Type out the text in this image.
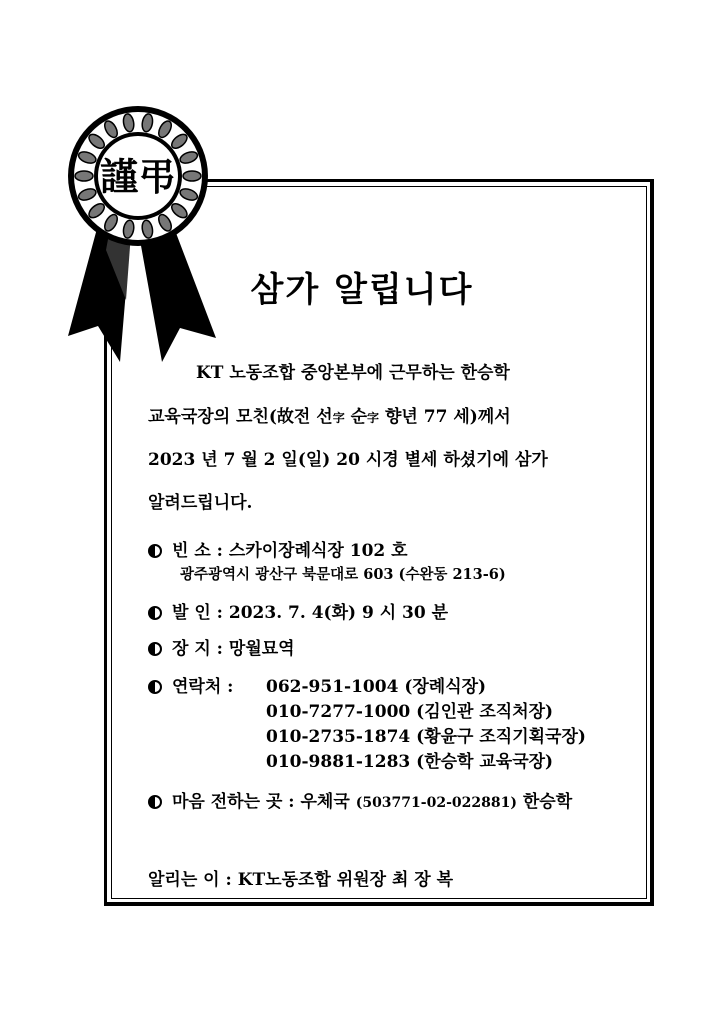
謹弔
삼가 알립니다
KT 노동조합 중앙본부에 근무하는 한승학
교육국장의 모친(故전 선字 순字 향년 77 세)께서
2023 년 7 월 2 일(일) 20 시경 별세 하셨기에 삼가
알려드립니다.
빈 소 : 스카이장례식장 102 호
광주광역시 광산구 북문대로 603 (수완동 213-6)
발 인 : 2023. 7. 4(화) 9 시 30 분
장 지 : 망월묘역
연락처 : 062-951-1004 (장례식장)
010-7277-1000 (김인관 조직처장)
010-2735-1874 (황윤구 조직기획국장)
010-9881-1283 (한승학 교육국장)
마음 전하는 곳 : 우체국 (503771-02-022881) 한승학
알리는 이 : KT노동조합 위원장 최 장 복
